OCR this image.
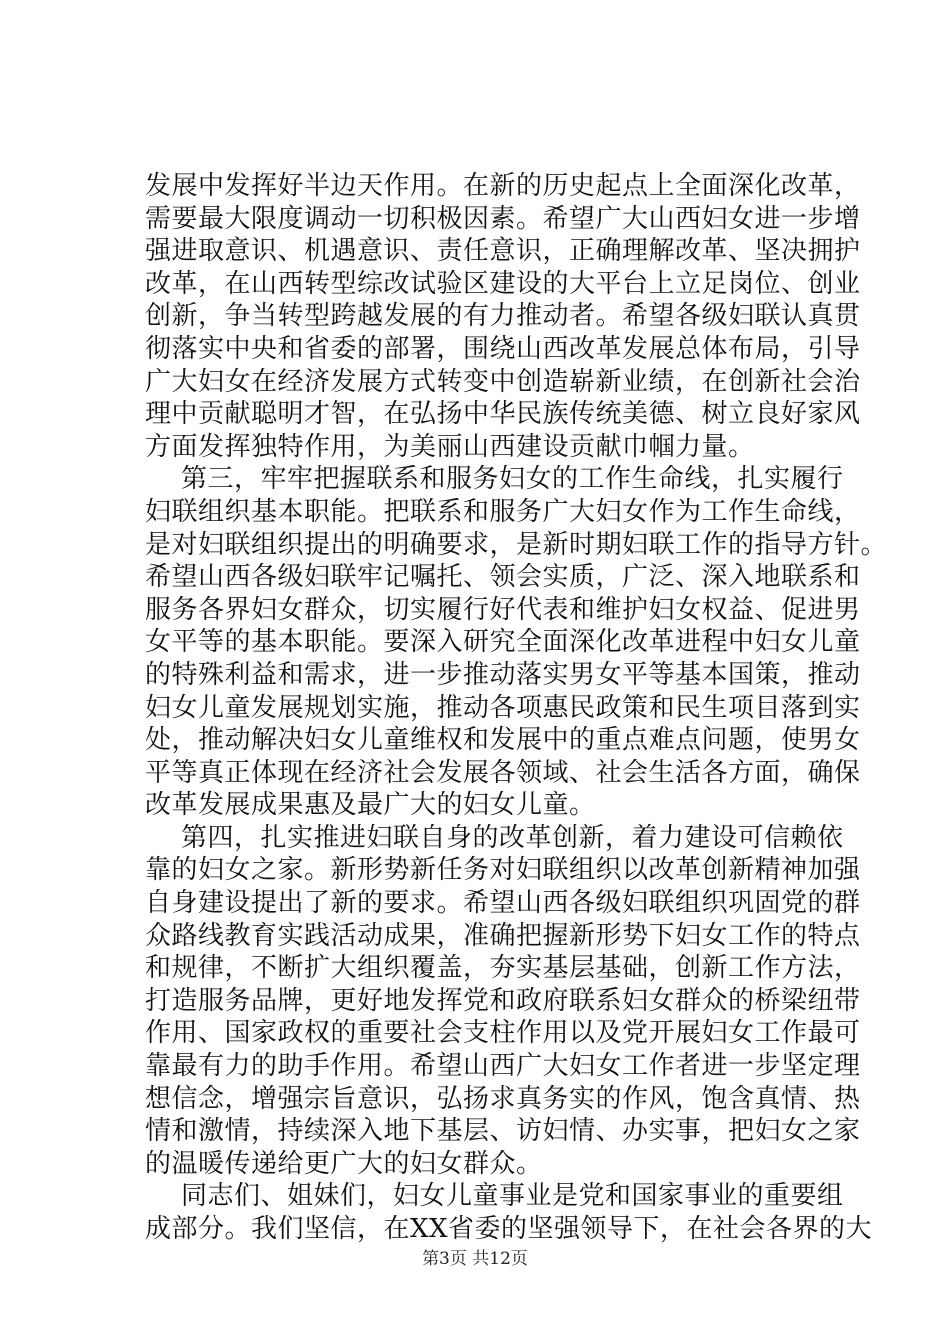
发展中发挥好半边天作用。在新的历史起点上全面深化改革，
需要最大限度调动一切积极因素。希望广大山西妇女进一步增
强进取意识、机遇意识、责任意识，正确理解改革、坚决拥护
改革，在山西转型综改试验区建设的大平台上立足岗位、创业
创新，争当转型跨越发展的有力推动者。希望各级妇联认真贯
彻落实中央和省委的部署，围绕山西改革发展总体布局，引导
广大妇女在经济发展方式转变中创造崭新业绩，在创新社会治
理中贡献聪明才智，在弘扬中华民族传统美德、树立良好家风
方面发挥独特作用，为美丽山西建设贡献巾帼力量。
第三，牢牢把握联系和服务妇女的工作生命线，扎实履行
妇联组织基本职能。把联系和服务广大妇女作为工作生命线，
是对妇联组织提出的明确要求，是新时期妇联工作的指导方针。
希望山西各级妇联牢记嘱托、领会实质，广泛、深入地联系和
服务各界妇女群众，切实履行好代表和维护妇女权益、促进男
女平等的基本职能。要深入研究全面深化改革进程中妇女儿童
的特殊利益和需求，进一步推动落实男女平等基本国策，推动
妇女儿童发展规划实施，推动各项惠民政策和民生项目落到实
处，推动解决妇女儿童维权和发展中的重点难点问题，使男女
平等真正体现在经济社会发展各领域、社会生活各方面，确保
改革发展成果惠及最广大的妇女儿童。
第四，扎实推进妇联自身的改革创新，着力建设可信赖依
靠的妇女之家。新形势新任务对妇联组织以改革创新精神加强
自身建设提出了新的要求。希望山西各级妇联组织巩固党的群
众路线教育实践活动成果，准确把握新形势下妇女工作的特点
和规律，不断扩大组织覆盖，夯实基层基础，创新工作方法，
打造服务品牌，更好地发挥党和政府联系妇女群众的桥梁纽带
作用、国家政权的重要社会支柱作用以及党开展妇女工作最可
靠最有力的助手作用。希望山西广大妇女工作者进一步坚定理
想信念，增强宗旨意识，弘扬求真务实的作风，饱含真情、热
情和激情，持续深入地下基层、访妇情、办实事，把妇女之家
的温暖传递给更广大的妇女群众。
同志们、姐妹们，妇女儿童事业是党和国家事业的重要组
成部分。我们坚信，在XX省委的坚强领导下，在社会各界的大
第3页 共12页
